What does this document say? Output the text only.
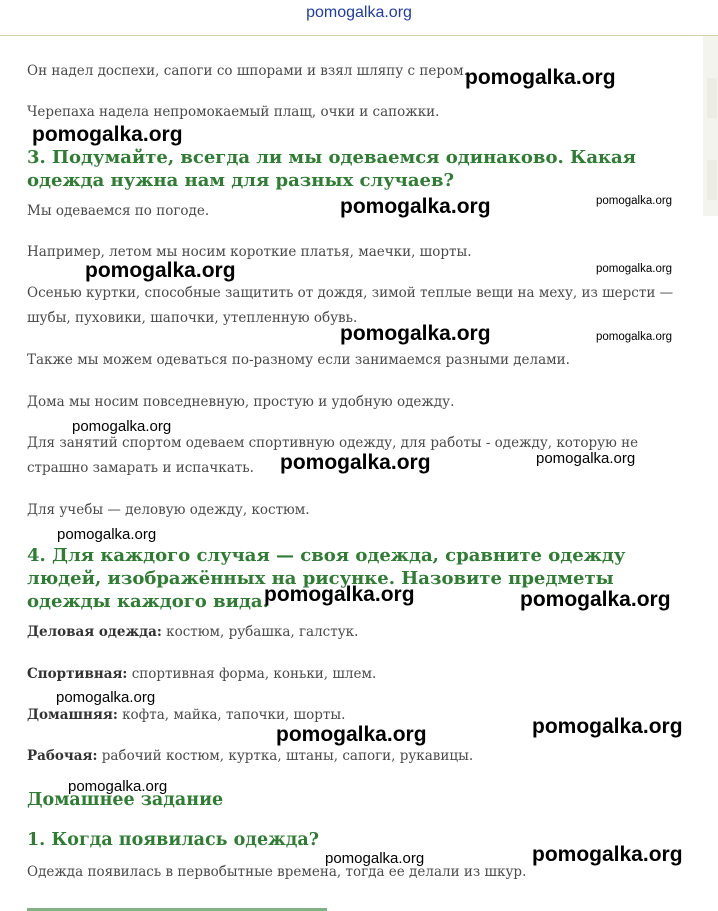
pomogalka.org

Он надел доспехи, сапоги со шпорами и взял шляпу с пером.

Черепаха надела непромокаемый плащ, очки и сапожки.

3. Подумайте, всегда ли мы одеваемся одинаково. Какая одежда нужна нам для разных случаев?

Мы одеваемся по погоде.

Например, летом мы носим короткие платья, маечки, шорты.

Осенью куртки, способные защитить от дождя, зимой теплые вещи на меху, из шерсти — шубы, пуховики, шапочки, утепленную обувь.

Также мы можем одеваться по-разному если занимаемся разными делами.

Дома мы носим повседневную, простую и удобную одежду.

Для занятий спортом одеваем спортивную одежду, для работы - одежду, которую не страшно замарать и испачкать.

Для учебы — деловую одежду, костюм.

4. Для каждого случая — своя одежда, сравните одежду людей, изображённых на рисунке. Назовите предметы одежды каждого вида.

Деловая одежда: костюм, рубашка, галстук.

Спортивная: спортивная форма, коньки, шлем.

Домашняя: кофта, майка, тапочки, шорты.

Рабочая: рабочий костюм, куртка, штаны, сапоги, рукавицы.

Домашнее задание
1. Когда появилась одежда?

Одежда появилась в первобытные времена, тогда ее делали из шкур.

pomogalka.org
pomogalka.org
pomogalka.org	pomogalka.org
pomogalka.org	pomogalka.org
pomogalka.org	pomogalka.org
pomogalka.org
pomogalka.org	pomogalka.org
pomogalka.org
pomogalka.org	pomogalka.org
pomogalka.org
pomogalka.org
pomogalka.org
pomogalka.org
pomogalka.org	pomogalka.org
